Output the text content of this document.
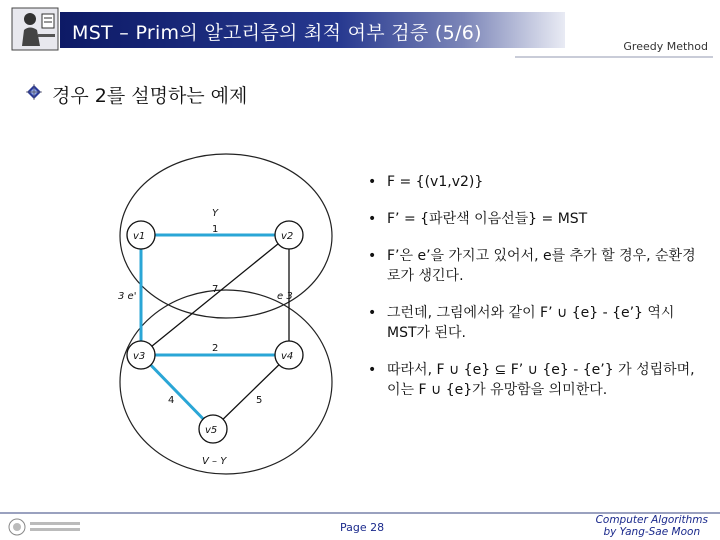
MST – Prim의 알고리즘의 최적 여부 검증 (5/6)
Greedy Method
경우 2를 설명하는 예제
Y
V – Y
1
3 e'	e 3
7
2
4	5
v1	v2
v3	v4
v5
• F = {(v1,v2)}
• F’ = {파란색 이음선들} = MST
• F’은 e’을 가지고 있어서, e를 추가 할 경우, 순환경로가 생긴다.
• 그런데, 그림에서와 같이 F’ ∪ {e} - {e’} 역시 MST가 된다.
• 따라서, F ∪ {e} ⊆ F’ ∪ {e} - {e’} 가 성립하며, 이는 F ∪ {e}가 유망함을 의미한다.
Page 28
Computer Algorithms
by Yang-Sae Moon
